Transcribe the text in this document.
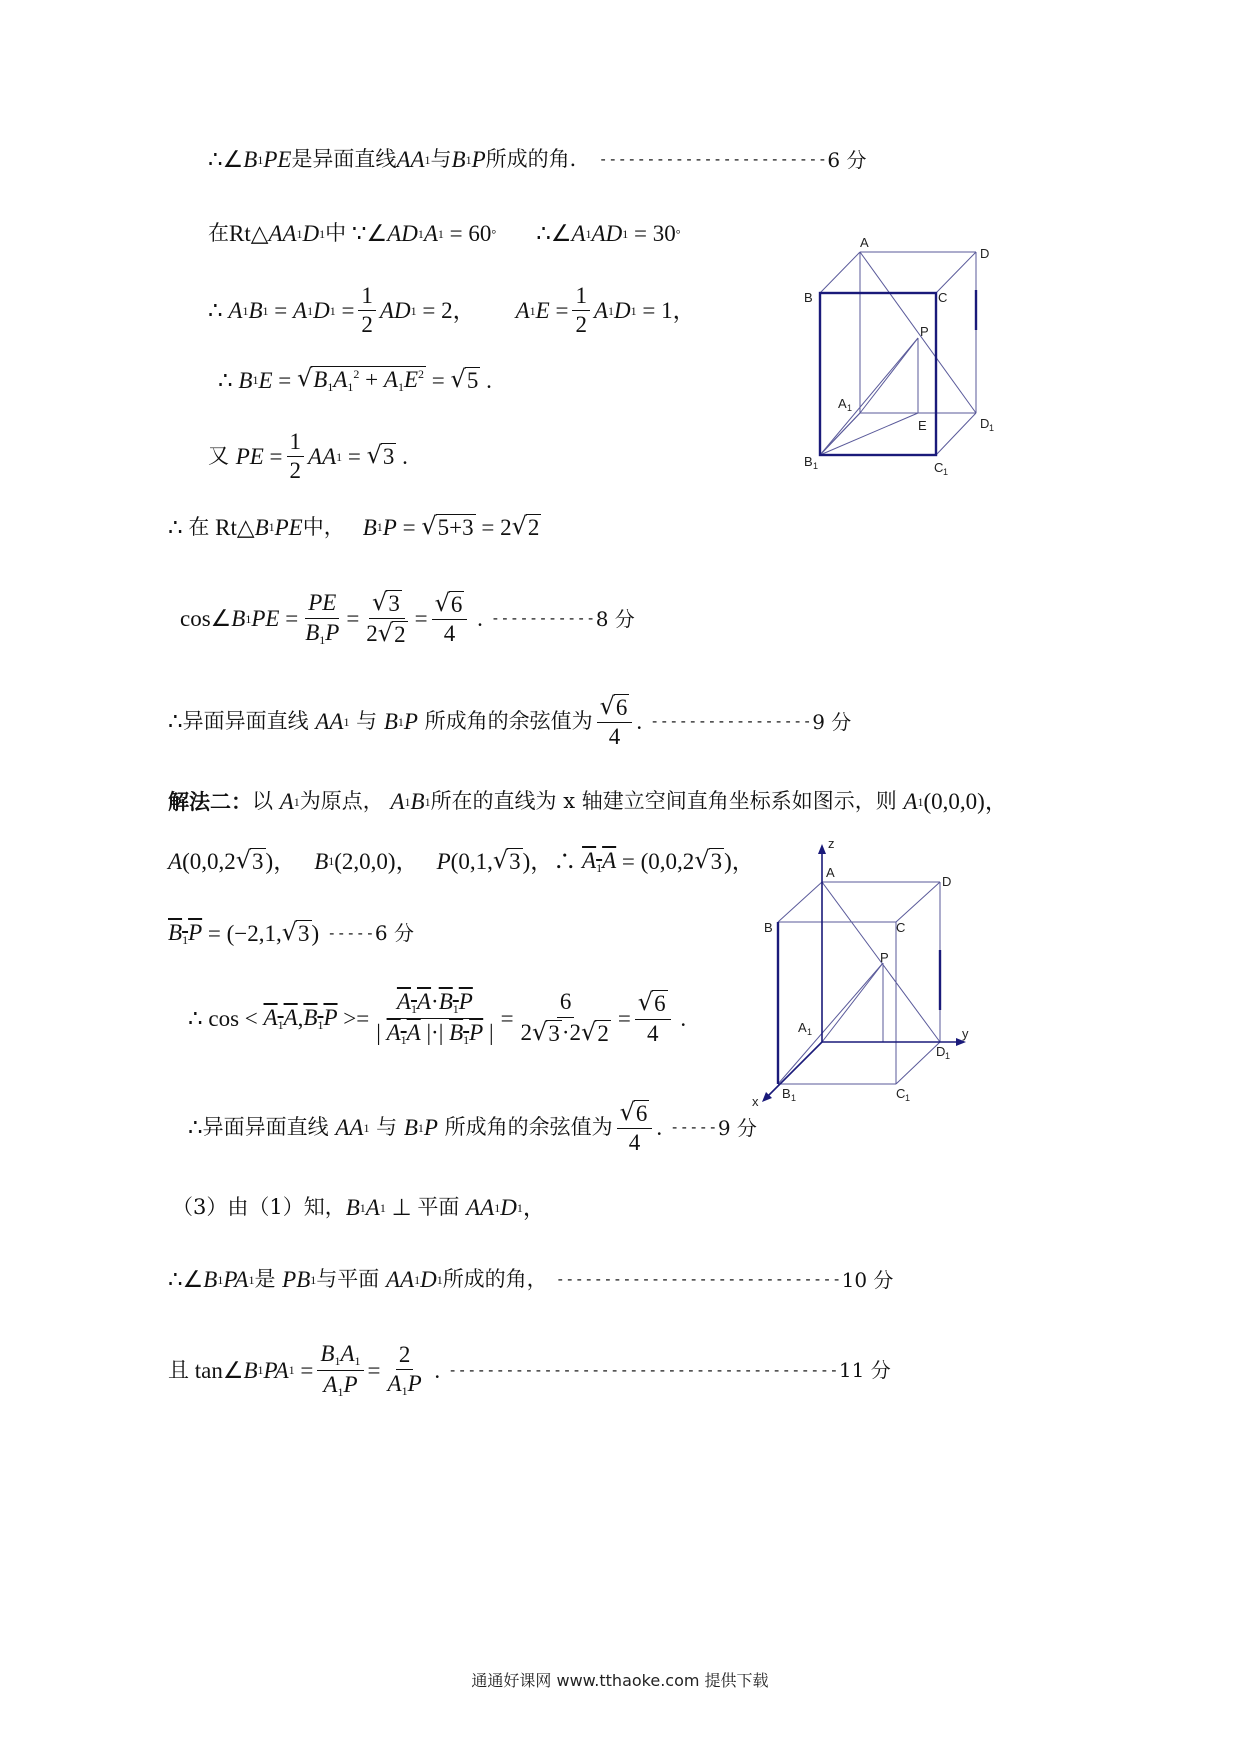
∴∠ B 1 PE 是异面直线 AA 1 与 B 1 P 所成的角． ------------------------ 6 分
在 Rt △ AA 1 D 1 中 ∵∠ AD 1 A 1 = 60 ° ∴∠ A 1 AD 1 = 30 °
∴ A 1 B 1 = A 1 D $1 = \frac{1}{2}$ AD 1 = 2， A 1 $E = \frac{1}{2}$ A 1 D 1 = 1，
∴ B 1 E = √ $B_1A_1^2 + A_1E^2$ = √ 5 .
又
PE = $\frac{1}{2}$ AA 1 = √ 3 .
∴ 在 Rt△ B 1 PE 中， B 1 P = √ 5+3 = 2 √ 2
cos∠ B 1 PE = $\frac{PE}{B_1P} = \frac{√ 3}{2 √ 2} = \frac{√ 6}{4}$ . ----------- 8 分
∴ 异面异面直线
AA 1
与
B 1 P
所成角的余弦值为 $\frac{√ 6}{4}$ . ----------------- 9 分
解法二： 以
A 1 为原点，
A 1 B 1 所在的直线为 x 轴建立空间直角坐标系如图示，则
A 1 (0,0,0)，
A (0,0,2 √ 3 )， B 1 (2,0,0)， P (0,1, √ 3 )，∴ $A_1A = (0,0,2$ √ 3 )，
$B_1P = (-2,1$, √ 3 ) ----- 6 分
∴ $\cos < A_1A$ , $B_1P >= \frac{A_1A\cdot B_1P}{| A_1A |\cdot| B_1P |} = \frac{6}{2 √ 3 \cdot 2 √ 2} = \frac{√ 6}{4}$ .
∴ 异面异面直线
AA 1
与
B 1 P
所成角的余弦值为 $\frac{√ 6}{4}$ . ----- 9 分
（3）由（1）知， B 1 A 1 ⊥ 平面
AA 1 D 1 ，
∴∠ B 1 PA 1 是
PB 1 与平面
AA 1 D 1 所成的角， ------------------------------ 10 分
且 tan∠ B 1 PA $1 = \frac{B_1A_1}{A_1P} = \frac{2}{A_1P}$ . ----------------------------------------- 11 分
A
B	C
D
P
A 1
E	D 1
B 1	C 1
z
A
D
B	C
P
A 1	y
D 1
x
B 1	C 1
通通好课网 www.tthaoke.com 提供下载
